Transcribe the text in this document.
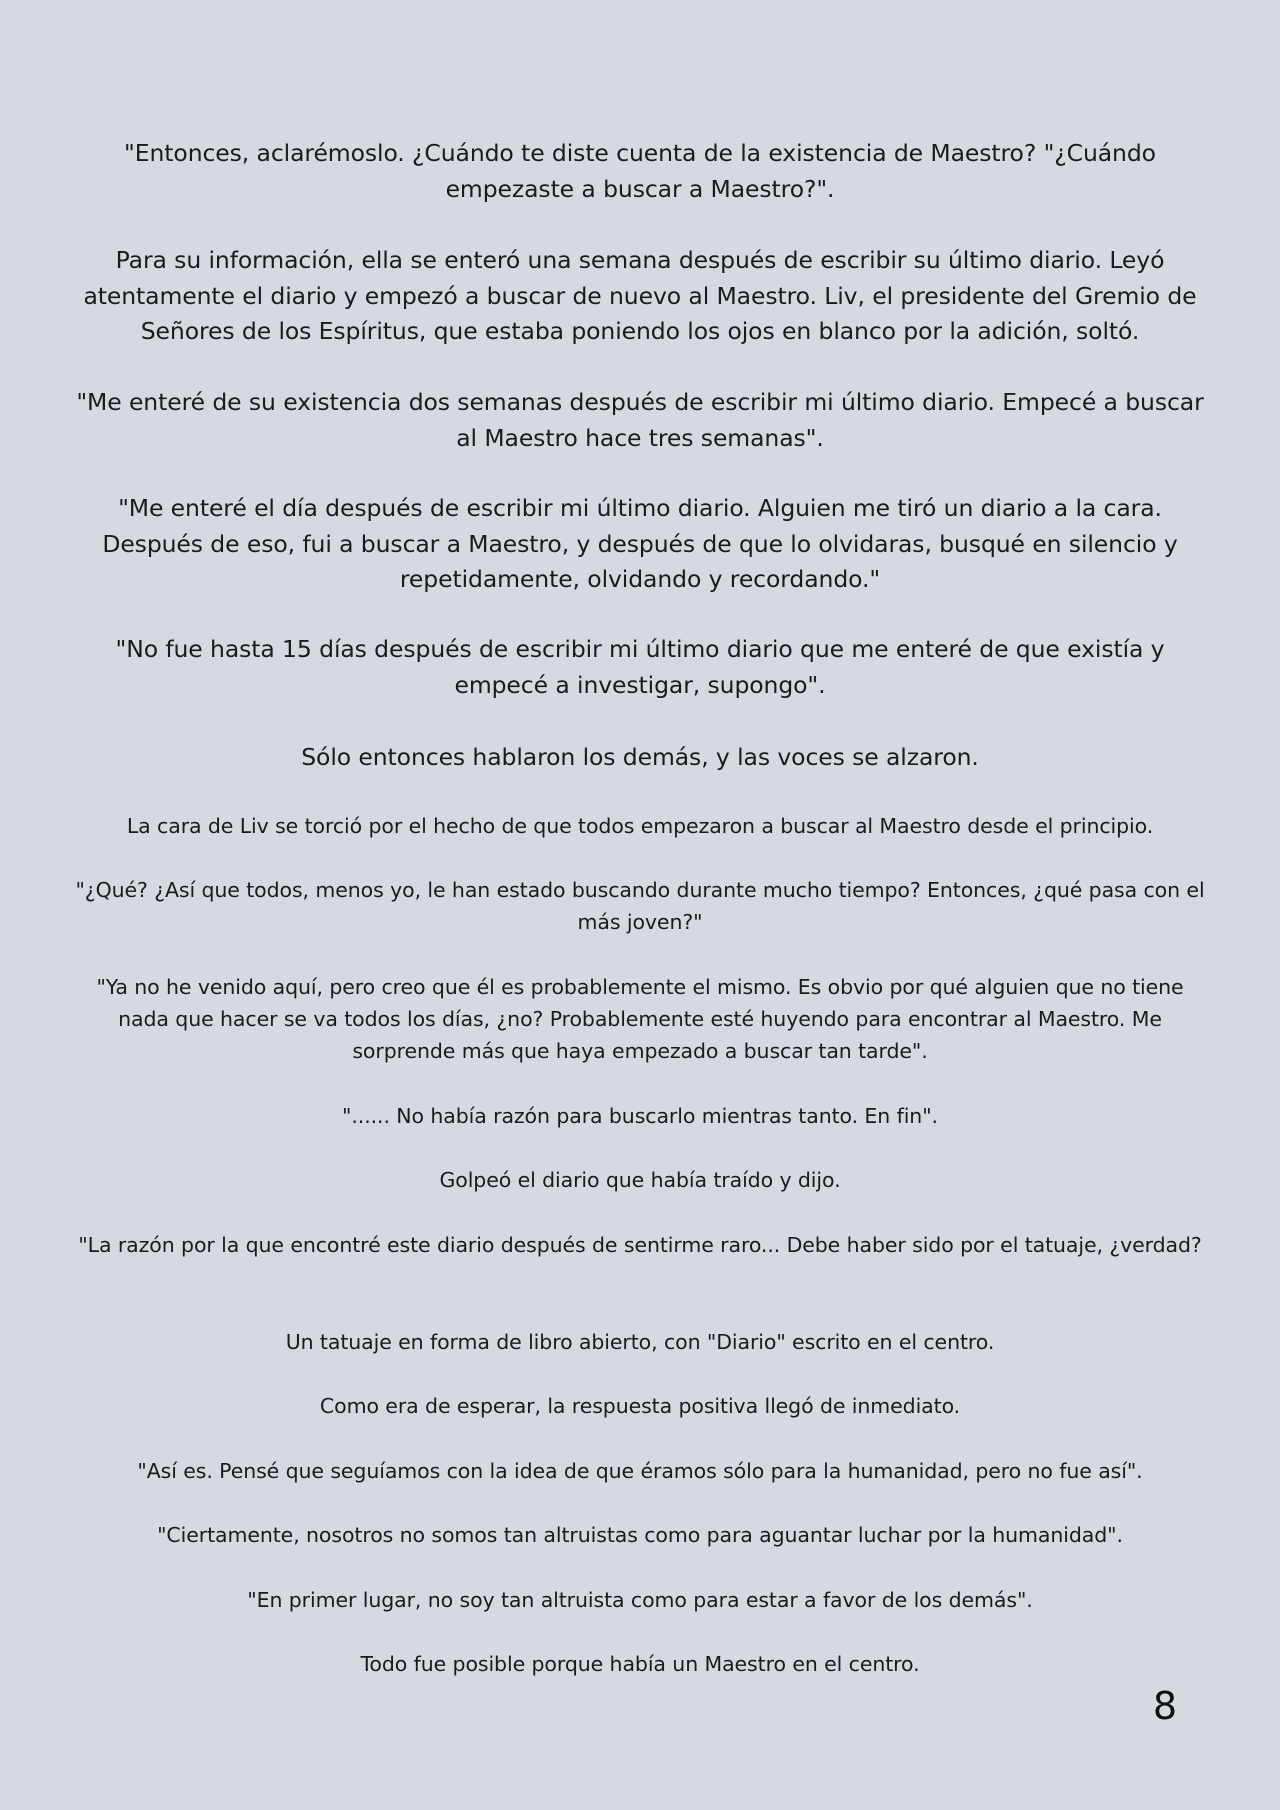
"Entonces, aclarémoslo. ¿Cuándo te diste cuenta de la existencia de Maestro? "¿Cuándo empezaste a buscar a Maestro?".

Para su información, ella se enteró una semana después de escribir su último diario. Leyó atentamente el diario y empezó a buscar de nuevo al Maestro. Liv, el presidente del Gremio de Señores de los Espíritus, que estaba poniendo los ojos en blanco por la adición, soltó.

"Me enteré de su existencia dos semanas después de escribir mi último diario. Empecé a buscar al Maestro hace tres semanas".

"Me enteré el día después de escribir mi último diario. Alguien me tiró un diario a la cara. Después de eso, fui a buscar a Maestro, y después de que lo olvidaras, busqué en silencio y repetidamente, olvidando y recordando."

"No fue hasta 15 días después de escribir mi último diario que me enteré de que existía y empecé a investigar, supongo".

Sólo entonces hablaron los demás, y las voces se alzaron.

La cara de Liv se torció por el hecho de que todos empezaron a buscar al Maestro desde el principio.

"¿Qué? ¿Así que todos, menos yo, le han estado buscando durante mucho tiempo? Entonces, ¿qué pasa con el más joven?"

"Ya no he venido aquí, pero creo que él es probablemente el mismo. Es obvio por qué alguien que no tiene nada que hacer se va todos los días, ¿no? Probablemente esté huyendo para encontrar al Maestro. Me sorprende más que haya empezado a buscar tan tarde".

"...... No había razón para buscarlo mientras tanto. En fin".

Golpeó el diario que había traído y dijo.

"La razón por la que encontré este diario después de sentirme raro... Debe haber sido por el tatuaje, ¿verdad?

Un tatuaje en forma de libro abierto, con "Diario" escrito en el centro.

Como era de esperar, la respuesta positiva llegó de inmediato.

"Así es. Pensé que seguíamos con la idea de que éramos sólo para la humanidad, pero no fue así".

"Ciertamente, nosotros no somos tan altruistas como para aguantar luchar por la humanidad".

"En primer lugar, no soy tan altruista como para estar a favor de los demás".

Todo fue posible porque había un Maestro en el centro.

8
